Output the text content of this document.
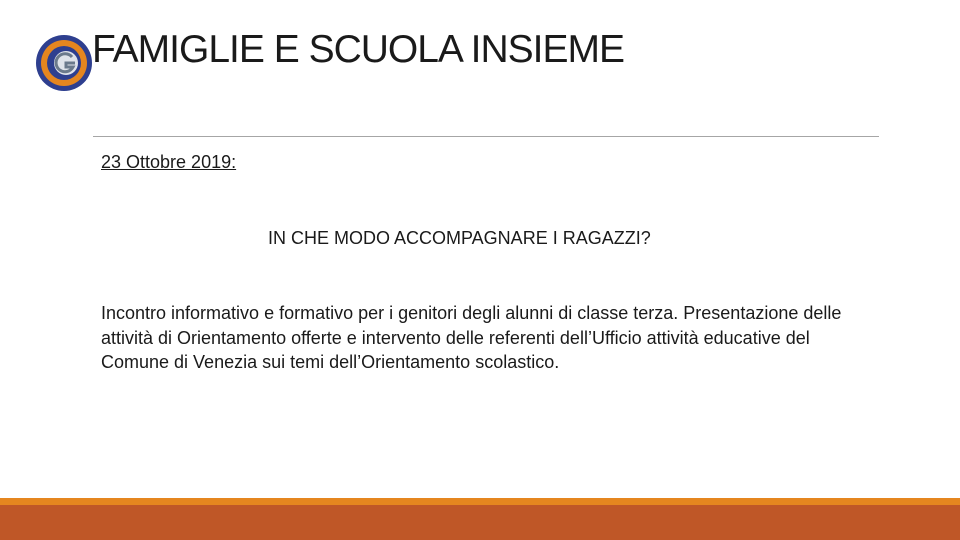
FAMIGLIE E SCUOLA INSIEME
23 Ottobre 2019:
IN CHE MODO ACCOMPAGNARE I RAGAZZI?

Incontro informativo e formativo per i genitori degli alunni di classe terza. Presentazione delle attività di Orientamento offerte e intervento delle referenti dell’Ufficio attività educative del Comune di Venezia sui temi dell’Orientamento scolastico.
